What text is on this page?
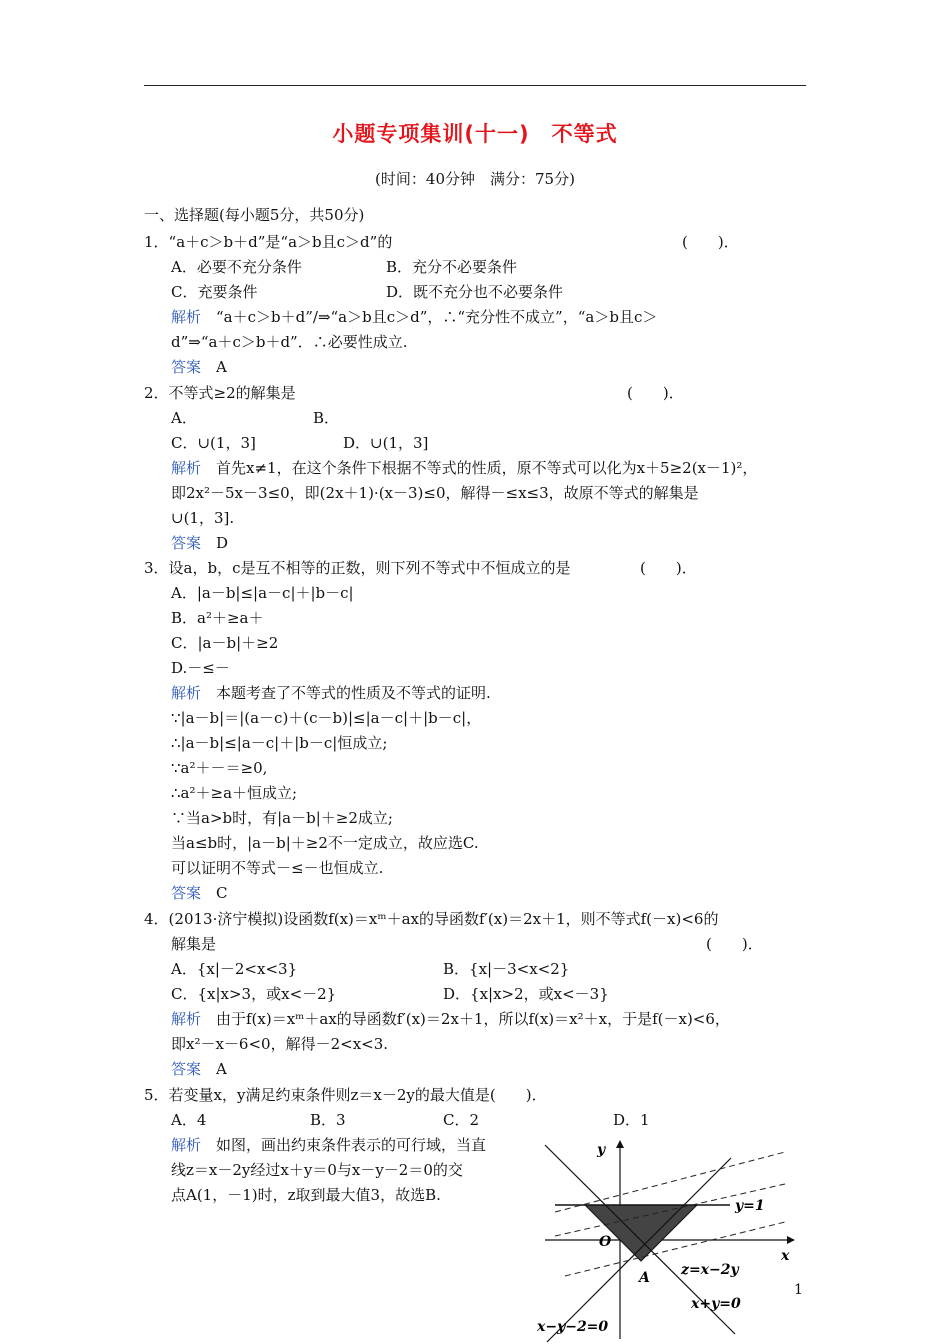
小题专项集训(十一)　不等式
(时间：40分钟　满分：75分)
一、选择题(每小题5分，共50分)
1．“a＋c＞b＋d”是“a＞b且c＞d”的	(　　)．
A．必要不充分条件	B．充分不必要条件
C．充要条件	D．既不充分也不必要条件
解析 　“a＋c＞b＋d”/⇒“a＞b且c＞d”，∴“充分性不成立”，“a＞b且c＞
d”⇒“a＋c＞b＋d”．∴必要性成立.
答案 　A
2．不等式≥2的解集是	(　　)．
A．	B．
C．∪(1，3]	D．∪(1，3]
解析 　首先x≠1，在这个条件下根据不等式的性质，原不等式可以化为x＋5≥2(x－1)²，
即2x²－5x－3≤0，即(2x＋1)·(x－3)≤0，解得－≤x≤3，故原不等式的解集是
∪(1，3].
答案 　D
3．设a，b，c是互不相等的正数，则下列不等式中不恒成立的是	(　　)．
A．|a－b|≤|a－c|＋|b－c|
B．a²＋≥a＋
C．|a－b|＋≥2
D.－≤－
解析 　本题考查了不等式的性质及不等式的证明.
∵|a－b|＝|(a－c)＋(c－b)|≤|a－c|＋|b－c|，
∴|a－b|≤|a－c|＋|b－c|恒成立;
∵a²＋－＝≥0,
∴a²＋≥a＋恒成立;
∵当a>b时，有|a－b|＋≥2成立;
当a≤b时，|a－b|＋≥2不一定成立，故应选C.
可以证明不等式－≤－也恒成立.
答案 　C
4．(2013·济宁模拟)设函数f(x)＝xᵐ＋ax的导函数f′(x)＝2x＋1，则不等式f(－x)<6的
解集是	(　　)．
A．{x|－2<x<3}	B．{x|－3<x<2}
C．{x|x>3，或x<－2}	D．{x|x>2，或x<－3}
解析 　由于f(x)＝xᵐ＋ax的导函数f′(x)＝2x＋1，所以f(x)＝x²＋x，于是f(－x)<6，
即x²－x－6<0，解得－2<x<3.
答案 　A
5．若变量x，y满足约束条件则z＝x－2y的最大值是(　　)．
A．4	B．3	C．2	D．1
解析 　如图，画出约束条件表示的可行域，当直
线z＝x－2y经过x＋y＝0与x－y－2＝0的交
点A(1，－1)时，z取到最大值3，故选B.
y
x
O
A
y=1
z=x−2y
x+y=0
x−y−2=0
1
